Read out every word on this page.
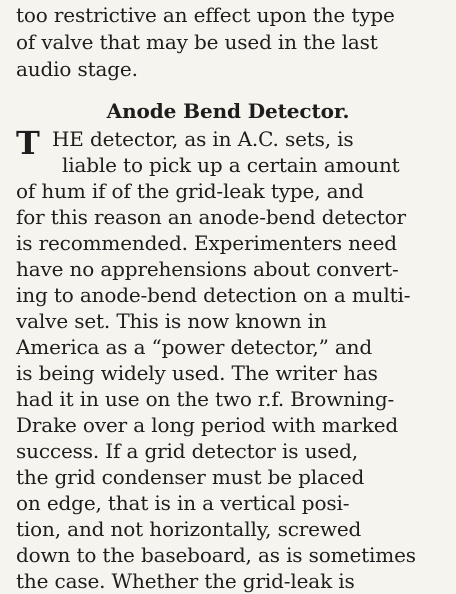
too restrictive an effect upon the type
of valve that may be used in the last
audio stage.
Anode Bend Detector.
T HE detector, as in A.C. sets, is
liable to pick up a certain amount
of hum if of the grid-leak type, and
for this reason an anode-bend detector
is recommended. Experimenters need
have no apprehensions about convert-
ing to anode-bend detection on a multi-
valve set. This is now known in
America as a “power detector,” and
is being widely used. The writer has
had it in use on the two r.f. Browning-
Drake over a long period with marked
success. If a grid detector is used,
the grid condenser must be placed
on edge, that is in a vertical posi-
tion, and not horizontally, screwed
down to the baseboard, as is sometimes
the case. Whether the grid-leak is
